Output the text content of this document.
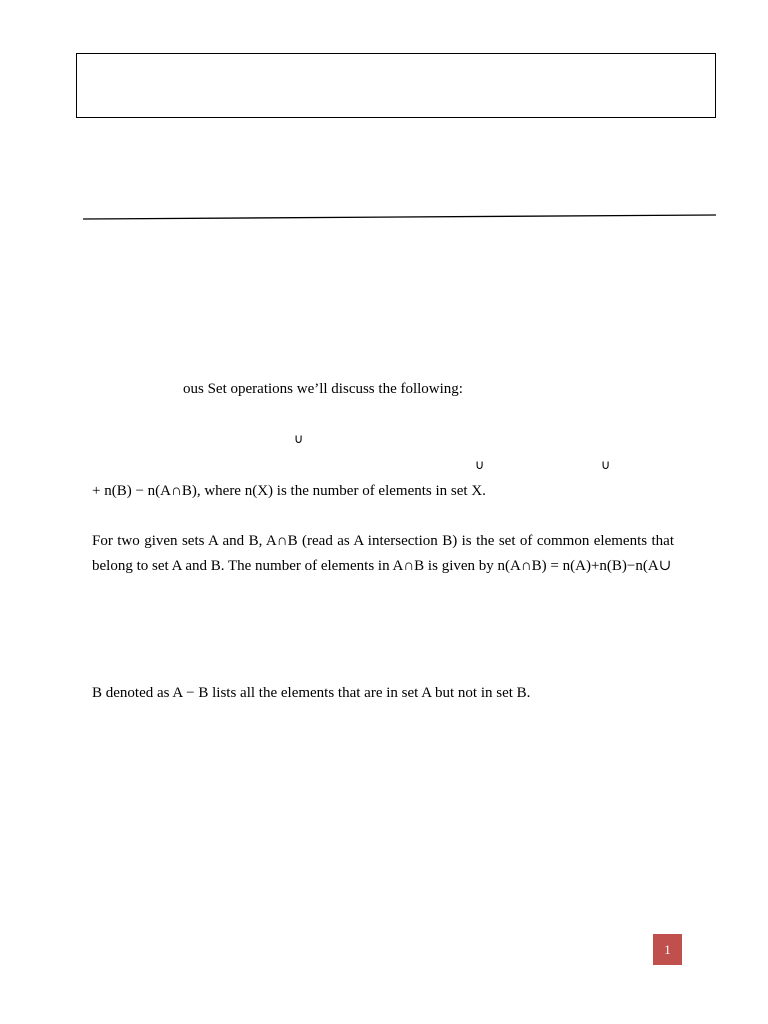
ous Set operations we’ll discuss the following:
∪
∪	∪
+ n(B) − n(A∩B), where n(X) is the number of elements in set X.

For two given sets A and B, A∩B (read as A intersection B) is the set of common elements that belong to set A and B. The number of elements in A∩B is given by n(A∩B) = n(A)+n(B)−n(A∪

B denoted as A − B lists all the elements that are in set A but not in set B.
1
